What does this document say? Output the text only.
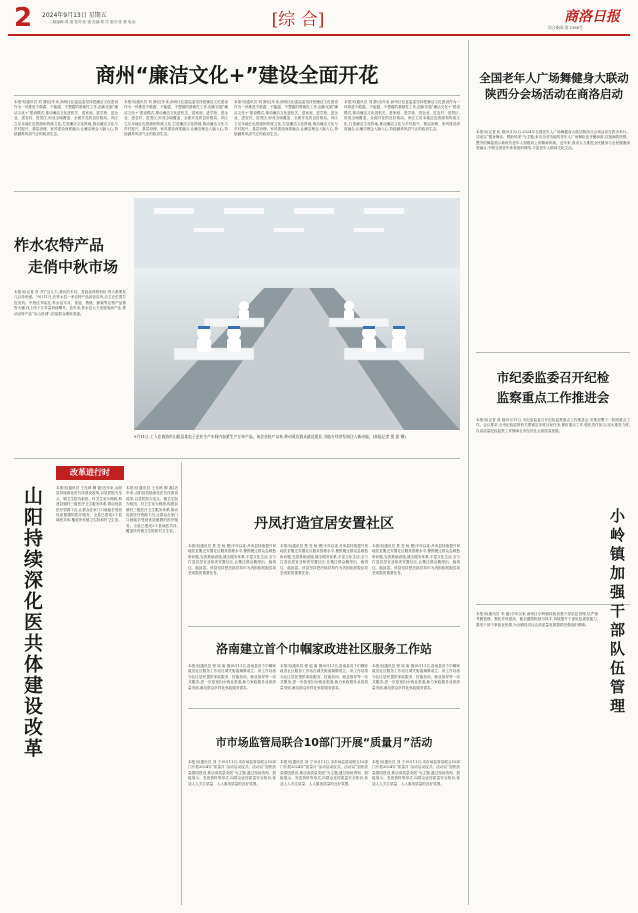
2 2024年9月13日 星期五
一、二版编辑:周 道 校对:张 强 美编:郭 洋 版式:张 强 电话:	[综 合]	商洛日报
综合新闻:第 2386号
商州“廉洁文化+”建设全面开花
本报讯(通讯员 刘 静)近年来,商州区纪委监委坚持把廉洁文化建设作为一体推进不敢腐、不能腐、不想腐的基础性工作,创新实施“廉洁文化+”建设模式,推动廉洁文化进机关、进家庭、进学校、进企业、进农村、进景区,形成全域覆盖、全面开花的良好格局。该区立足本地红色资源和传统文化,打造廉洁文化阵地,推动廉洁文化与乡村振兴、基层治理、家风建设深度融合,让廉洁理念入脑入心,持续涵养风清气正的政治生态。
本报讯(通讯员 刘 静)近年来,商州区纪委监委坚持把廉洁文化建设作为一体推进不敢腐、不能腐、不想腐的基础性工作,创新实施“廉洁文化+”建设模式,推动廉洁文化进机关、进家庭、进学校、进企业、进农村、进景区,形成全域覆盖、全面开花的良好格局。该区立足本地红色资源和传统文化,打造廉洁文化阵地,推动廉洁文化与乡村振兴、基层治理、家风建设深度融合,让廉洁理念入脑入心,持续涵养风清气正的政治生态。
本报讯(通讯员 刘 静)近年来,商州区纪委监委坚持把廉洁文化建设作为一体推进不敢腐、不能腐、不想腐的基础性工作,创新实施“廉洁文化+”建设模式,推动廉洁文化进机关、进家庭、进学校、进企业、进农村、进景区,形成全域覆盖、全面开花的良好格局。该区立足本地红色资源和传统文化,打造廉洁文化阵地,推动廉洁文化与乡村振兴、基层治理、家风建设深度融合,让廉洁理念入脑入心,持续涵养风清气正的政治生态。
本报讯(通讯员 刘 静)近年来,商州区纪委监委坚持把廉洁文化建设作为一体推进不敢腐、不能腐、不想腐的基础性工作,创新实施“廉洁文化+”建设模式,推动廉洁文化进机关、进家庭、进学校、进企业、进农村、进景区,形成全域覆盖、全面开花的良好格局。该区立足本地红色资源和传统文化,打造廉洁文化阵地,推动廉洁文化与乡村振兴、基层治理、家风建设深度融合,让廉洁理念入脑入心,持续涵养风清气正的政治生态。
全国老年人广场舞健身大联动陕西分会场活动在商洛启动
本报讯(记者 杭 晓)9月12日,2024年全国老年人广场舞健身大联动陕西分会场活动在我市举行。活动以“健身舞动、银龄风采”为主题,来自全省各地的老年人广场舞队伍齐聚商洛,以饱满的热情、整齐的舞姿展示新时代老年人积极向上的精神风貌。近年来,我市大力推进全民健身与全民健康深度融合,不断完善老年体育组织网络,丰富老年人精神文化生活。
柞水农特产品
走俏中秋市场
本报讯(记者 肖 齐)“这几天,我们的木耳、香菇卖得特别好,每天都要发几百单快递。”9月11日,在柞水县一家农特产品直营店内,店主正忙着打包发货。中秋佳节临近,柞水县木耳、香菇、核桃、蜂蜜等农特产品销售火爆,线上线下订单量持续攀升。近年来,柞水县大力发展电商产业,推动农特产品“出山进城”,拓宽群众增收渠道。
9月11日,工人在商洛市山阳县某电子企业生产车间内加紧生产订单产品。该企业投产以来,带动周边群众就近就业,为地方经济发展注入新动能。(本报记者 贾 思 摄)
市纪委监委召开纪检
监察重点工作推进会
本报讯(记者 黄 晓)9月11日,市纪委监委召开纪检监察重点工作推进会,安排部署下一阶段重点工作。会议要求,全市纪检监察机关要锚定年度目标任务,紧盯重点工作,强化责任担当,加大推进力度,以高质量纪检监察工作保障全市经济社会高质量发展。
山阳持续深化医共体建设改革
改革进行时
本报讯(通讯员 王光珍 柳 磊)近年来,山阳县持续深化医共体建设改革,以县医院为龙头、镇卫生院为枢纽、村卫生室为网底,构建县镇村三级医疗卫生服务体系,推动优质医疗资源下沉,让群众在家门口就能享受到优质便捷的医疗服务。全县已建成2个县域医共体,覆盖所有镇卫生院和村卫生室。
本报讯(通讯员 王光珍 柳 磊)近年来,山阳县持续深化医共体建设改革,以县医院为龙头、镇卫生院为枢纽、村卫生室为网底,构建县镇村三级医疗卫生服务体系,推动优质医疗资源下沉,让群众在家门口就能享受到优质便捷的医疗服务。全县已建成2个县域医共体,覆盖所有镇卫生院和村卫生室。	丹凤打造宜居安置社区
本报讯(通讯员 贾 亮 杨 俊)今年以来,丹凤县持续提升易地扶贫搬迁安置社区服务管理水平,聚焦搬迁群众急难愁盼问题,完善基础设施,健全服务体系,丰富文化生活,全力打造宜居宜业和美安置社区,让搬迁群众搬得出、稳得住、能致富。该县坚持把后续扶持作为巩固拓展脱贫攻坚成果的重要任务。
本报讯(通讯员 贾 亮 杨 俊)今年以来,丹凤县持续提升易地扶贫搬迁安置社区服务管理水平,聚焦搬迁群众急难愁盼问题,完善基础设施,健全服务体系,丰富文化生活,全力打造宜居宜业和美安置社区,让搬迁群众搬得出、稳得住、能致富。该县坚持把后续扶持作为巩固拓展脱贫攻坚成果的重要任务。
本报讯(通讯员 贾 亮 杨 俊)今年以来,丹凤县持续提升易地扶贫搬迁安置社区服务管理水平,聚焦搬迁群众急难愁盼问题,完善基础设施,健全服务体系,丰富文化生活,全力打造宜居宜业和美安置社区,让搬迁群众搬得出、稳得住、能致富。该县坚持把后续扶持作为巩固拓展脱贫攻坚成果的重要任务。
洛南建立首个巾帼家政进社区服务工作站
本报讯(通讯员 程 瑶 唐 静)9月11日,洛南县首个巾帼家政进社区服务工作站在城关街道揭牌成立。该工作站将为社区居民提供家政服务、技能培训、就业指导等一站式服务,进一步拓宽妇女就业渠道,助力家政服务业高质量发展,满足群众多样化家政服务需求。
本报讯(通讯员 程 瑶 唐 静)9月11日,洛南县首个巾帼家政进社区服务工作站在城关街道揭牌成立。该工作站将为社区居民提供家政服务、技能培训、就业指导等一站式服务,进一步拓宽妇女就业渠道,助力家政服务业高质量发展,满足群众多样化家政服务需求。
本报讯(通讯员 程 瑶 唐 静)9月11日,洛南县首个巾帼家政进社区服务工作站在城关街道揭牌成立。该工作站将为社区居民提供家政服务、技能培训、就业指导等一站式服务,进一步拓宽妇女就业渠道,助力家政服务业高质量发展,满足群众多样化家政服务需求。
市市场监管局联合10部门开展“质量月”活动
本报讯(通讯员 刘 宁)9月11日,市市场监管局联合10部门开展2024年“质量月”活动启动仪式。活动以“加快质量强国建设,推动高质量发展”为主题,通过现场咨询、展板展示、发放资料等形式,向群众宣传质量安全知识,营造人人关注质量、人人重视质量的良好氛围。
本报讯(通讯员 刘 宁)9月11日,市市场监管局联合10部门开展2024年“质量月”活动启动仪式。活动以“加快质量强国建设,推动高质量发展”为主题,通过现场咨询、展板展示、发放资料等形式,向群众宣传质量安全知识,营造人人关注质量、人人重视质量的良好氛围。
本报讯(通讯员 刘 宁)9月11日,市市场监管局联合10部门开展2024年“质量月”活动启动仪式。活动以“加快质量强国建设,推动高质量发展”为主题,通过现场咨询、展板展示、发放资料等形式,向群众宣传质量安全知识,营造人人关注质量、人人重视质量的良好氛围。
本报讯(通讯员 李 鑫)今年以来,商州区小岭镇持续加强干部队伍管理,以严格考勤管理、强化作风建设、健全激励机制为抓手,持续提升干部队伍素质能力,激发干部干事创业热情,为全镇经济社会高质量发展提供坚强组织保障。	小岭镇加强干部队伍管理
